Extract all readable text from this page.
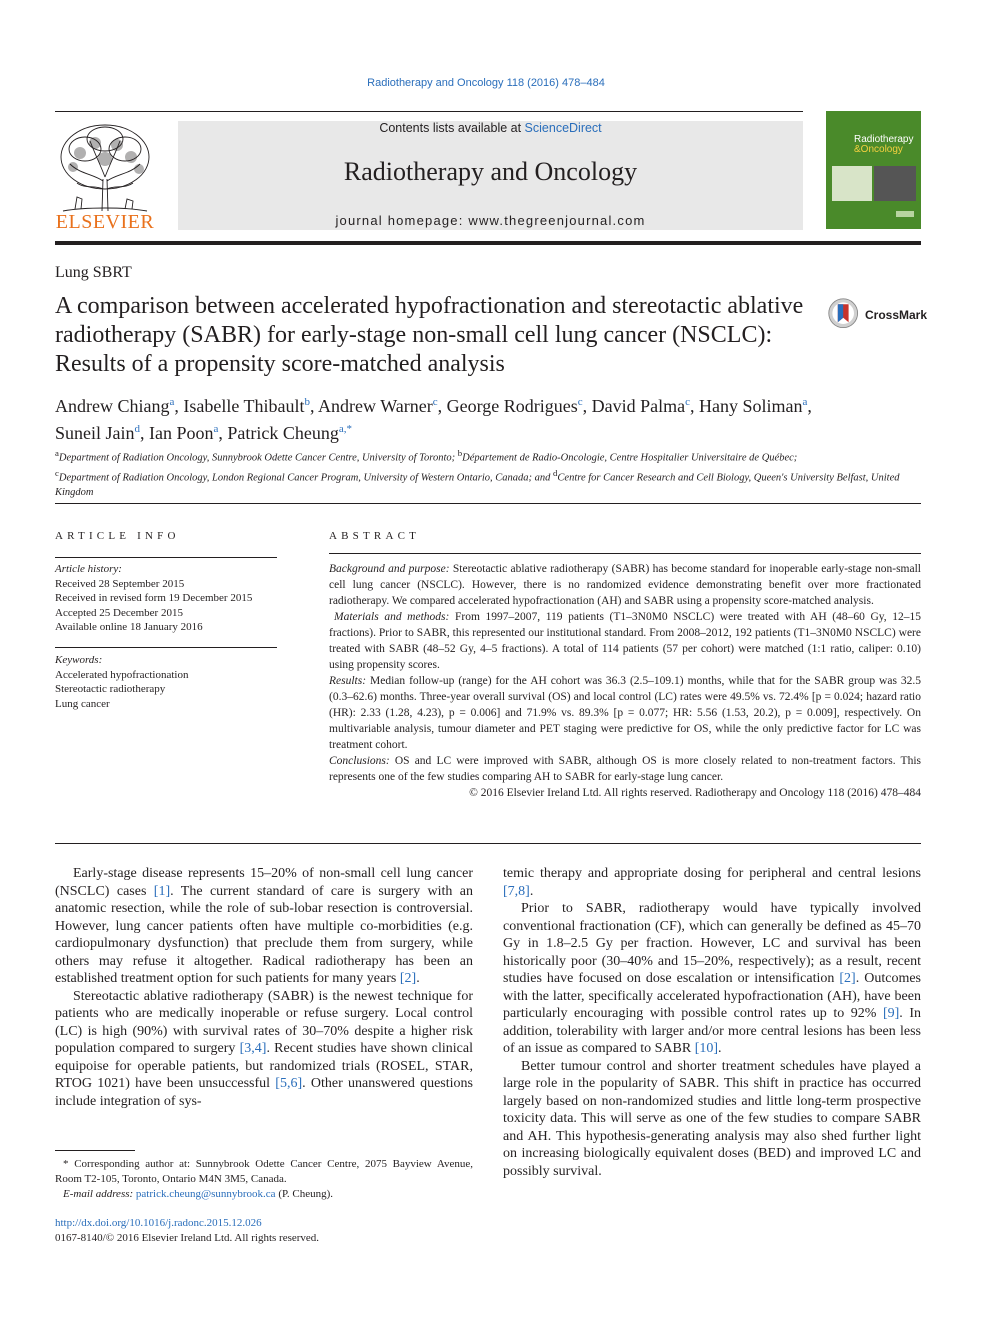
Radiotherapy and Oncology 118 (2016) 478–484
ELSEVIER
Contents lists available at ScienceDirect
Radiotherapy and Oncology
journal homepage: www.thegreenjournal.com
Radiotherapy
&Oncology
Lung SBRT
A comparison between accelerated hypofractionation and stereotactic ablative radiotherapy (SABR) for early-stage non-small cell lung cancer (NSCLC): Results of a propensity score-matched analysis
CrossMark
Andrew Chiang$^a$, Isabelle Thibault$^b$, Andrew Warner$^c$, George Rodrigues$^c$, David Palma$^c$, Hany Soliman$^a$,
Suneil Jain$^d$, Ian Poon$^a$, Patrick Cheung$^{a,*}$
$^a$Department of Radiation Oncology, Sunnybrook Odette Cancer Centre, University of Toronto; $^b$Département de Radio-Oncologie, Centre Hospitalier Universitaire de Québec;
$^c$Department of Radiation Oncology, London Regional Cancer Program, University of Western Ontario, Canada; and $^d$Centre for Cancer Research and Cell Biology, Queen's University Belfast, United Kingdom
ARTICLE INFO
Article history:
Received 28 September 2015
Received in revised form 19 December 2015
Accepted 25 December 2015
Available online 18 January 2016
Keywords:
Accelerated hypofractionation
Stereotactic radiotherapy
Lung cancer
ABSTRACT

Background and purpose: Stereotactic ablative radiotherapy (SABR) has become standard for inoperable early-stage non-small cell lung cancer (NSCLC). However, there is no randomized evidence demonstrating benefit over more fractionated radiotherapy. We compared accelerated hypofractionation (AH) and SABR using a propensity score-matched analysis.

Materials and methods: From 1997–2007, 119 patients (T1–3N0M0 NSCLC) were treated with AH (48–60 Gy, 12–15 fractions). Prior to SABR, this represented our institutional standard. From 2008–2012, 192 patients (T1–3N0M0 NSCLC) were treated with SABR (48–52 Gy, 4–5 fractions). A total of 114 patients (57 per cohort) were matched (1:1 ratio, caliper: 0.10) using propensity scores.

Results: Median follow-up (range) for the AH cohort was 36.3 (2.5–109.1) months, while that for the SABR group was 32.5 (0.3–62.6) months. Three-year overall survival (OS) and local control (LC) rates were 49.5% vs. 72.4% [p = 0.024; hazard ratio (HR): 2.33 (1.28, 4.23), p = 0.006] and 71.9% vs. 89.3% [p = 0.077; HR: 5.56 (1.53, 20.2), p = 0.009], respectively. On multivariable analysis, tumour diameter and PET staging were predictive for OS, while the only predictive factor for LC was treatment cohort.

Conclusions: OS and LC were improved with SABR, although OS is more closely related to non-treatment factors. This represents one of the few studies comparing AH to SABR for early-stage lung cancer.

© 2016 Elsevier Ireland Ltd. All rights reserved. Radiotherapy and Oncology 118 (2016) 478–484

Early-stage disease represents 15–20% of non-small cell lung cancer (NSCLC) cases [1]. The current standard of care is surgery with an anatomic resection, while the role of sub-lobar resection is controversial. However, lung cancer patients often have multiple co-morbidities (e.g. cardiopulmonary dysfunction) that preclude them from surgery, while others may refuse it altogether. Radical radiotherapy has been an established treatment option for such patients for many years [2].

Stereotactic ablative radiotherapy (SABR) is the newest technique for patients who are medically inoperable or refuse surgery. Local control (LC) is high (90%) with survival rates of 30–70% despite a higher risk population compared to surgery [3,4]. Recent studies have shown clinical equipoise for operable patients, but randomized trials (ROSEL, STAR, RTOG 1021) have been unsuccessful [5,6]. Other unanswered questions include integration of sys-

temic therapy and appropriate dosing for peripheral and central lesions [7,8].

Prior to SABR, radiotherapy would have typically involved conventional fractionation (CF), which can generally be defined as 45–70 Gy in 1.8–2.5 Gy per fraction. However, LC and survival has been historically poor (30–40% and 15–20%, respectively); as a result, recent studies have focused on dose escalation or intensification [2]. Outcomes with the latter, specifically accelerated hypofractionation (AH), have been particularly encouraging with possible control rates up to 92% [9]. In addition, tolerability with larger and/or more central lesions has been less of an issue as compared to SABR [10].

Better tumour control and shorter treatment schedules have played a large role in the popularity of SABR. This shift in practice has occurred largely based on non-randomized studies and little long-term prospective toxicity data. This will serve as one of the few studies to compare SABR and AH. This hypothesis-generating analysis may also shed further light on increasing biologically equivalent doses (BED) and improved LC and possibly survival.

* Corresponding author at: Sunnybrook Odette Cancer Centre, 2075 Bayview Avenue, Room T2-105, Toronto, Ontario M4N 3M5, Canada.

E-mail address: patrick.cheung@sunnybrook.ca (P. Cheung).

http://dx.doi.org/10.1016/j.radonc.2015.12.026
0167-8140/© 2016 Elsevier Ireland Ltd. All rights reserved.
